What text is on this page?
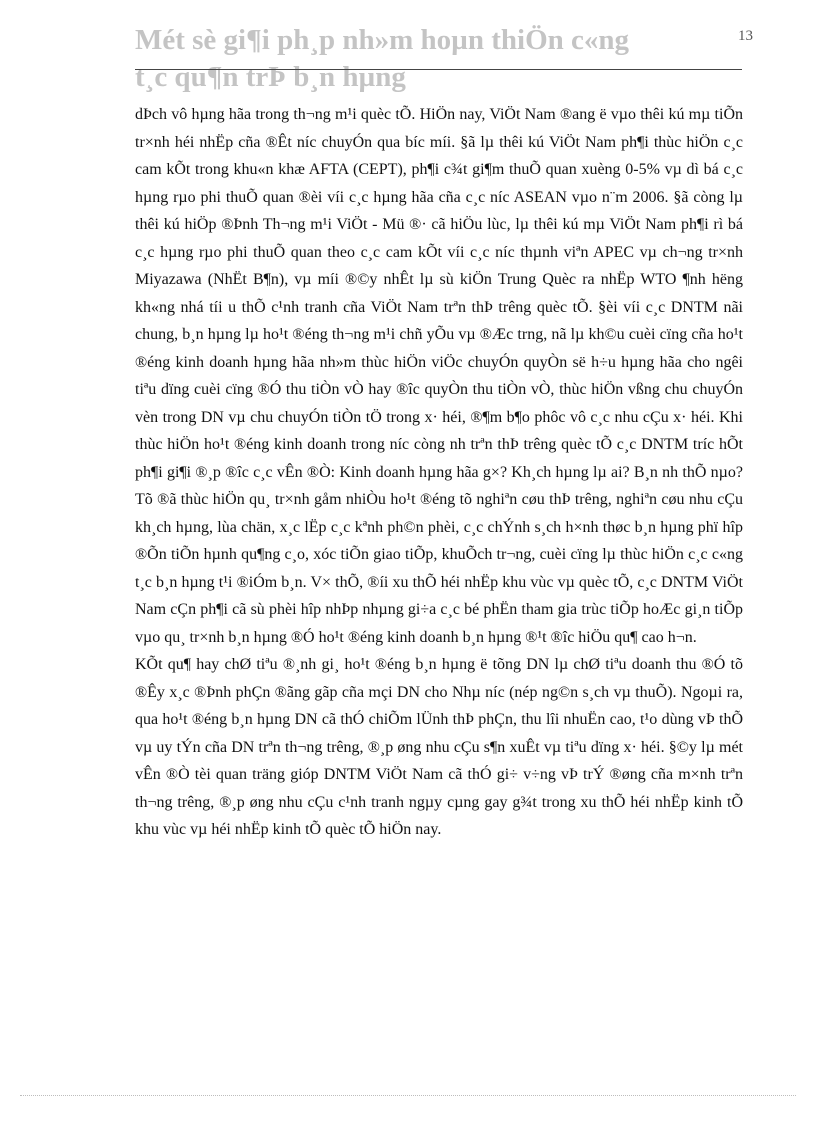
Mét sè gi¶i ph¸p nh»m hoµn thiÖn c«ng
t¸c qu¶n trÞ b¸n hµng
13

dÞch vô hµng hãa trong th¬ng m¹i quèc tÕ. HiÖn nay, ViÖt Nam ®ang ë vµo thêi kú mµ tiÕn tr×nh héi nhËp cña ®Êt níc chuyÓn qua bíc míi. §ã lµ thêi kú ViÖt Nam ph¶i thùc hiÖn c¸c cam kÕt trong khu«n khæ AFTA (CEPT), ph¶i c¾t gi¶m thuÕ quan xuèng 0-5% vµ dì bá c¸c hµng rµo phi thuÕ quan ®èi víi c¸c hµng hãa cña c¸c níc ASEAN vµo n¨m 2006. §ã còng lµ thêi kú hiÖp ®Þnh Th¬ng m¹i ViÖt - Mü ®· cã hiÖu lùc, lµ thêi kú mµ ViÖt Nam ph¶i rì bá c¸c hµng rµo phi thuÕ quan theo c¸c cam kÕt víi c¸c níc thµnh viªn APEC vµ ch¬ng tr×nh Miyazawa (NhËt B¶n), vµ míi ®©y nhÊt lµ sù kiÖn Trung Quèc ra nhËp WTO ¶nh hëng kh«ng nhá tíi u thÕ c¹nh tranh cña ViÖt Nam trªn thÞ trêng quèc tÕ. §èi víi c¸c DNTM nãi chung, b¸n hµng lµ ho¹t ®éng th¬ng m¹i chñ yÕu vµ ®Æc trng, nã lµ kh©u cuèi cïng cña ho¹t ®éng kinh doanh hµng hãa nh»m thùc hiÖn viÖc chuyÓn quyÒn së h÷u hµng hãa cho ngêi tiªu dïng cuèi cïng ®Ó thu tiÒn vÒ hay ®îc quyÒn thu tiÒn vÒ, thùc hiÖn vßng chu chuyÓn vèn trong DN vµ chu chuyÓn tiÒn tÖ trong x· héi, ®¶m b¶o phôc vô c¸c nhu cÇu x· héi. Khi thùc hiÖn ho¹t ®éng kinh doanh trong níc còng nh trªn thÞ trêng quèc tÕ c¸c DNTM tríc hÕt ph¶i gi¶i ®¸p ®îc c¸c vÊn ®Ò: Kinh doanh hµng hãa g×? Kh¸ch hµng lµ ai? B¸n nh thÕ nµo? Tõ ®ã thùc hiÖn qu¸ tr×nh gåm nhiÒu ho¹t ®éng tõ nghiªn cøu thÞ trêng, nghiªn cøu nhu cÇu kh¸ch hµng, lùa chän, x¸c lËp c¸c kªnh ph©n phèi, c¸c chÝnh s¸ch h×nh thøc b¸n hµng phï hîp ®Õn tiÕn hµnh qu¶ng c¸o, xóc tiÕn giao tiÕp, khuÕch tr¬ng, cuèi cïng lµ thùc hiÖn c¸c c«ng t¸c b¸n hµng t¹i ®iÓm b¸n. V× thÕ, ®íi xu thÕ héi nhËp khu vùc vµ quèc tÕ, c¸c DNTM ViÖt Nam cÇn ph¶i cã sù phèi hîp nhÞp nhµng gi÷a c¸c bé phËn tham gia trùc tiÕp hoÆc gi¸n tiÕp vµo qu¸ tr×nh b¸n hµng ®Ó ho¹t ®éng kinh doanh b¸n hµng ®¹t ®îc hiÖu qu¶ cao h¬n.

KÕt qu¶ hay chØ tiªu ®¸nh gi¸ ho¹t ®éng b¸n hµng ë tõng DN lµ chØ tiªu doanh thu ®Ó tõ ®Êy x¸c ®Þnh phÇn ®ãng gãp cña mçi DN cho Nhµ níc (nép ng©n s¸ch vµ thuÕ). Ngoµi ra, qua ho¹t ®éng b¸n hµng DN cã thÓ chiÕm lÜnh thÞ phÇn, thu lîi nhuËn cao, t¹o dùng vÞ thÕ vµ uy tÝn cña DN trªn th¬ng trêng, ®¸p øng nhu cÇu s¶n xuÊt vµ tiªu dïng x· héi. §©y lµ mét vÊn ®Ò tèi quan träng gióp DNTM ViÖt Nam cã thÓ gi÷ v÷ng vÞ trÝ ®øng cña m×nh trªn th¬ng trêng, ®¸p øng nhu cÇu c¹nh tranh ngµy cµng gay g¾t trong xu thÕ héi nhËp kinh tÕ khu vùc vµ héi nhËp kinh tÕ quèc tÕ hiÖn nay.
